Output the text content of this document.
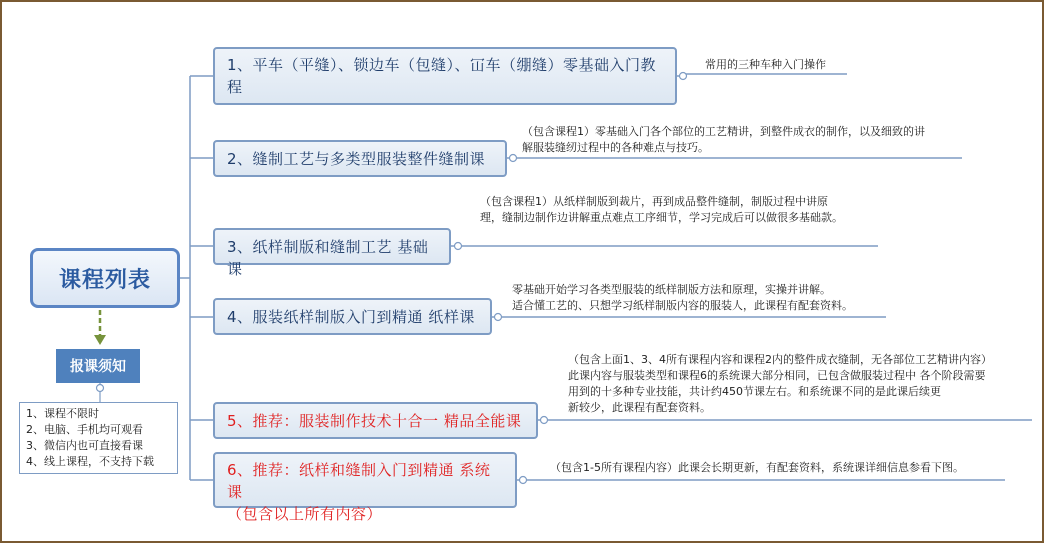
课程列表
报课须知
1、课程不限时
2、电脑、手机均可观看
3、微信内也可直接看课
4、线上课程，不支持下载
1、平车（平缝）、锁边车（包缝）、冚车（绷缝）零基础入门教
程
常用的三种车种入门操作
2、缝制工艺与多类型服装整件缝制课
（包含课程1）零基础入门各个部位的工艺精讲，到整件成衣的制作，以及细致的讲
解服装缝纫过程中的各种难点与技巧。
3、纸样制版和缝制工艺 基础课
（包含课程1）从纸样制版到裁片，再到成品整件缝制，制版过程中讲原
理，缝制边制作边讲解重点难点工序细节，学习完成后可以做很多基础款。
4、服装纸样制版入门到精通 纸样课
零基础开始学习各类型服装的纸样制版方法和原理，实操并讲解。
适合懂工艺的、只想学习纸样制版内容的服装人，此课程有配套资料。
5、推荐：服装制作技术十合一 精品全能课
（包含上面1、3、4所有课程内容和课程2内的整件成衣缝制，无各部位工艺精讲内容）
此课内容与服装类型和课程6的系统课大部分相同，已包含做服装过程中 各个阶段需要
用到的十多种专业技能，共计约450节课左右。和系统课不同的是此课后续更
新较少，此课程有配套资料。
6、推荐：纸样和缝制入门到精通 系统课
（包含以上所有内容）
（包含1-5所有课程内容）此课会长期更新，有配套资料，系统课详细信息参看下图。
